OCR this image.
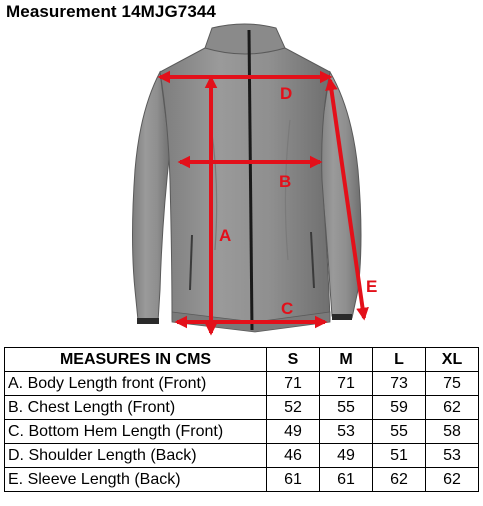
Measurement 14MJG7344
D
B
A
C
E
MEASURES IN CMS	S	M	L	XL
A. Body Length front (Front)	71	71	73	75
B. Chest Length (Front)	52	55	59	62
C. Bottom Hem Length (Front)	49	53	55	58
D. Shoulder Length (Back)	46	49	51	53
E. Sleeve Length (Back)	61	61	62	62
